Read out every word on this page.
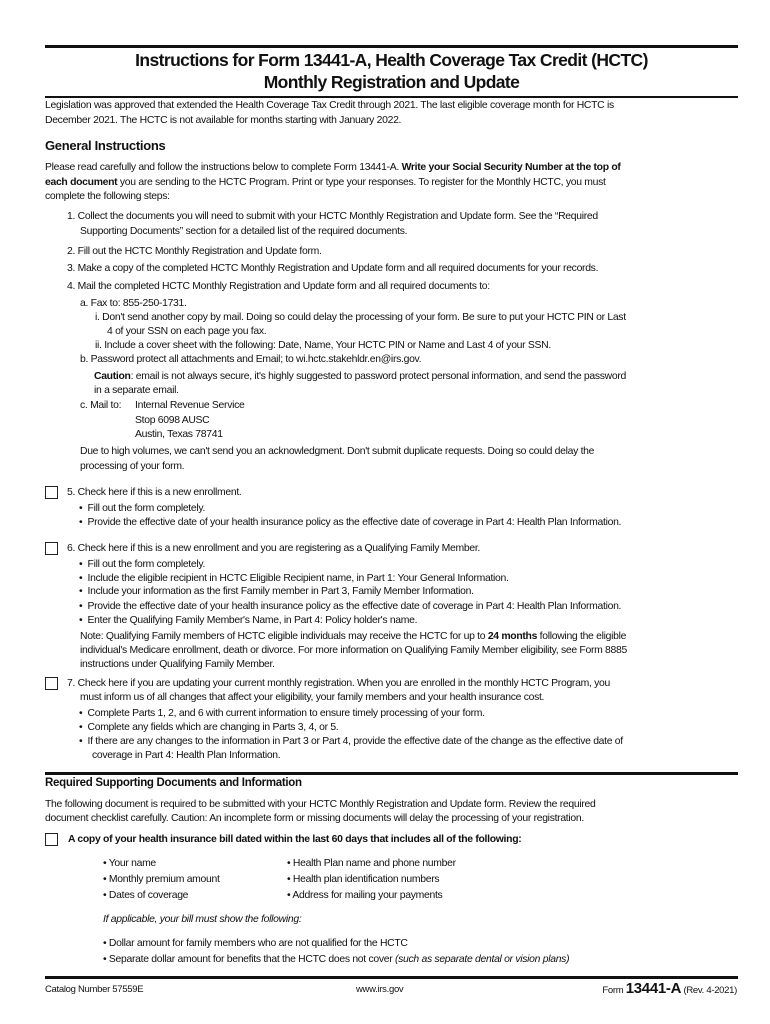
Instructions for Form 13441-A, Health Coverage Tax Credit (HCTC)
Monthly Registration and Update
Legislation was approved that extended the Health Coverage Tax Credit through 2021. The last eligible coverage month for HCTC is
December 2021. The HCTC is not available for months starting with January 2022.
General Instructions
Please read carefully and follow the instructions below to complete Form 13441-A. Write your Social Security Number at the top of
each document you are sending to the HCTC Program. Print or type your responses. To register for the Monthly HCTC, you must
complete the following steps:
1. Collect the documents you will need to submit with your HCTC Monthly Registration and Update form. See the “Required
Supporting Documents” section for a detailed list of the required documents.
2. Fill out the HCTC Monthly Registration and Update form.
3. Make a copy of the completed HCTC Monthly Registration and Update form and all required documents for your records.
4. Mail the completed HCTC Monthly Registration and Update form and all required documents to:
a. Fax to: 855-250-1731.
i. Don't send another copy by mail. Doing so could delay the processing of your form. Be sure to put your HCTC PIN or Last
4 of your SSN on each page you fax.
ii. Include a cover sheet with the following: Date, Name, Your HCTC PIN or Name and Last 4 of your SSN.
b. Password protect all attachments and Email; to wi.hctc.stakehldr.en@irs.gov.
Caution: email is not always secure, it's highly suggested to password protect personal information, and send the password
in a separate email.
c. Mail to: Internal Revenue Service
Stop 6098 AUSC
Austin, Texas 78741
Due to high volumes, we can't send you an acknowledgment. Don't submit duplicate requests. Doing so could delay the
processing of your form.
5. Check here if this is a new enrollment.
•  Fill out the form completely.
•  Provide the effective date of your health insurance policy as the effective date of coverage in Part 4: Health Plan Information.
6. Check here if this is a new enrollment and you are registering as a Qualifying Family Member.
•  Fill out the form completely.
•  Include the eligible recipient in HCTC Eligible Recipient name, in Part 1: Your General Information.
•  Include your information as the first Family member in Part 3, Family Member Information.
•  Provide the effective date of your health insurance policy as the effective date of coverage in Part 4: Health Plan Information.
•  Enter the Qualifying Family Member's Name, in Part 4: Policy holder's name.
Note: Qualifying Family members of HCTC eligible individuals may receive the HCTC for up to 24 months following the eligible
individual's Medicare enrollment, death or divorce. For more information on Qualifying Family Member eligibility, see Form 8885
instructions under Qualifying Family Member.
7. Check here if you are updating your current monthly registration. When you are enrolled in the monthly HCTC Program, you
must inform us of all changes that affect your eligibility, your family members and your health insurance cost.
•  Complete Parts 1, 2, and 6 with current information to ensure timely processing of your form.
•  Complete any fields which are changing in Parts 3, 4, or 5.
•  If there are any changes to the information in Part 3 or Part 4, provide the effective date of the change as the effective date of
coverage in Part 4: Health Plan Information.
Required Supporting Documents and Information
The following document is required to be submitted with your HCTC Monthly Registration and Update form. Review the required
document checklist carefully. Caution: An incomplete form or missing documents will delay the processing of your registration.
A copy of your health insurance bill dated within the last 60 days that includes all of the following:
• Your name
• Monthly premium amount
• Dates of coverage
• Health Plan name and phone number
• Health plan identification numbers
• Address for mailing your payments
If applicable, your bill must show the following:
• Dollar amount for family members who are not qualified for the HCTC
• Separate dollar amount for benefits that the HCTC does not cover (such as separate dental or vision plans)
Catalog Number 57559E	www.irs.gov	Form 13441-A (Rev. 4-2021)
